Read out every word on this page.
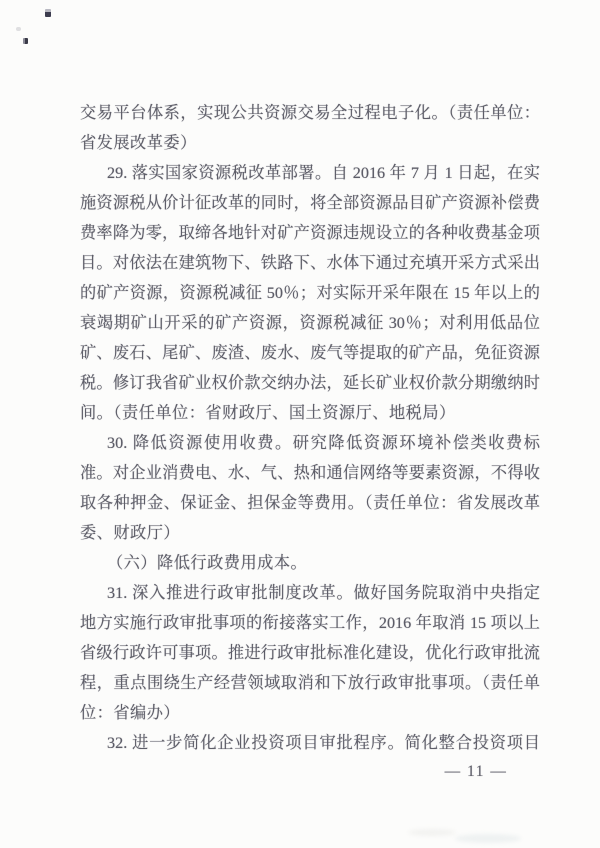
交易平台体系，实现公共资源交易全过程电子化。（责任单位：
省发展改革委）
29. 落实国家资源税改革部署。自 2016 年 7 月 1 日起，在实
施资源税从价计征改革的同时，将全部资源品目矿产资源补偿费
费率降为零，取缔各地针对矿产资源违规设立的各种收费基金项
目。对依法在建筑物下、铁路下、水体下通过充填开采方式采出
的矿产资源，资源税减征 50％；对实际开采年限在 15 年以上的
衰竭期矿山开采的矿产资源，资源税减征 30％；对利用低品位
矿、废石、尾矿、废渣、废水、废气等提取的矿产品，免征资源
税。修订我省矿业权价款交纳办法，延长矿业权价款分期缴纳时
间。（责任单位：省财政厅、国土资源厅、地税局）
30. 降低资源使用收费。研究降低资源环境补偿类收费标
准。对企业消费电、水、气、热和通信网络等要素资源，不得收
取各种押金、保证金、担保金等费用。（责任单位：省发展改革
委、财政厅）
（六）降低行政费用成本。
31. 深入推进行政审批制度改革。做好国务院取消中央指定
地方实施行政审批事项的衔接落实工作，2016 年取消 15 项以上
省级行政许可事项。推进行政审批标准化建设，优化行政审批流
程，重点围绕生产经营领域取消和下放行政审批事项。（责任单
位：省编办）
32. 进一步简化企业投资项目审批程序。简化整合投资项目
— 11 —
